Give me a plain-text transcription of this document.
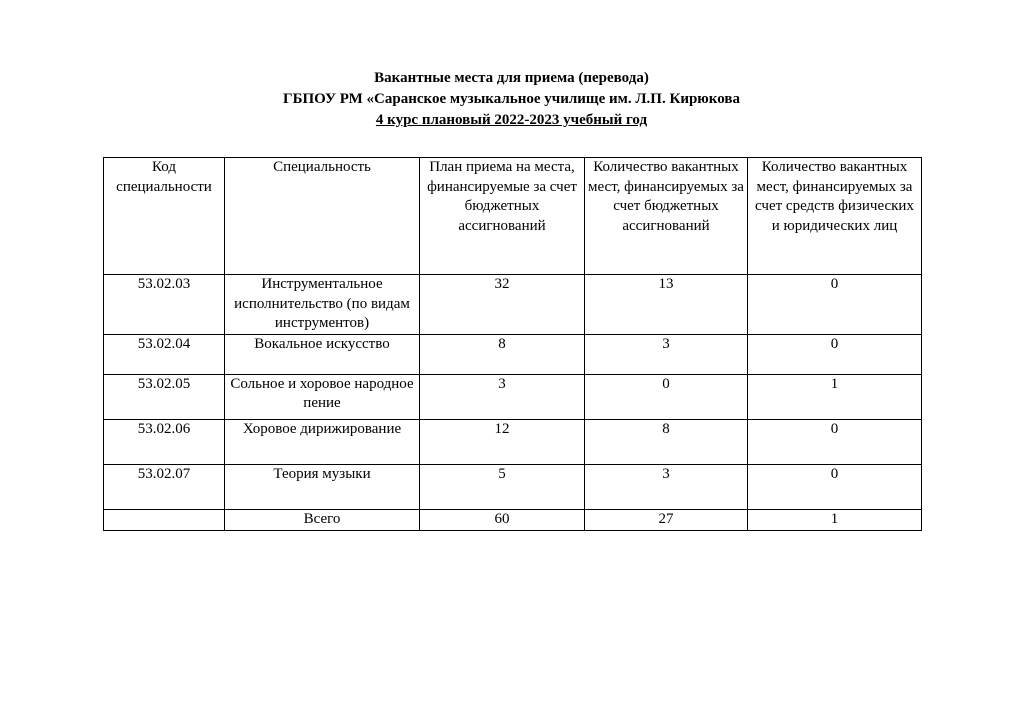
Вакантные места для приема (перевода)
ГБПОУ РМ «Саранское музыкальное училище им. Л.П. Кирюкова
4 курс плановый 2022-2023 учебный год
Код специальности	Специальность	План приема на места, финансируемые за счет бюджетных ассигнований	Количество вакантных мест, финансируемых за счет бюджетных ассигнований	Количество вакантных мест, финансируемых за счет средств физических и юридических лиц
53.02.03	Инструментальное исполнительство (по видам инструментов)	32	13	0
53.02.04	Вокальное искусство	8	3	0
53.02.05	Сольное и хоровое народное пение	3	0	1
53.02.06	Хоровое дирижирование	12	8	0
53.02.07	Теория музыки	5	3	0
	Всего	60	27	1
